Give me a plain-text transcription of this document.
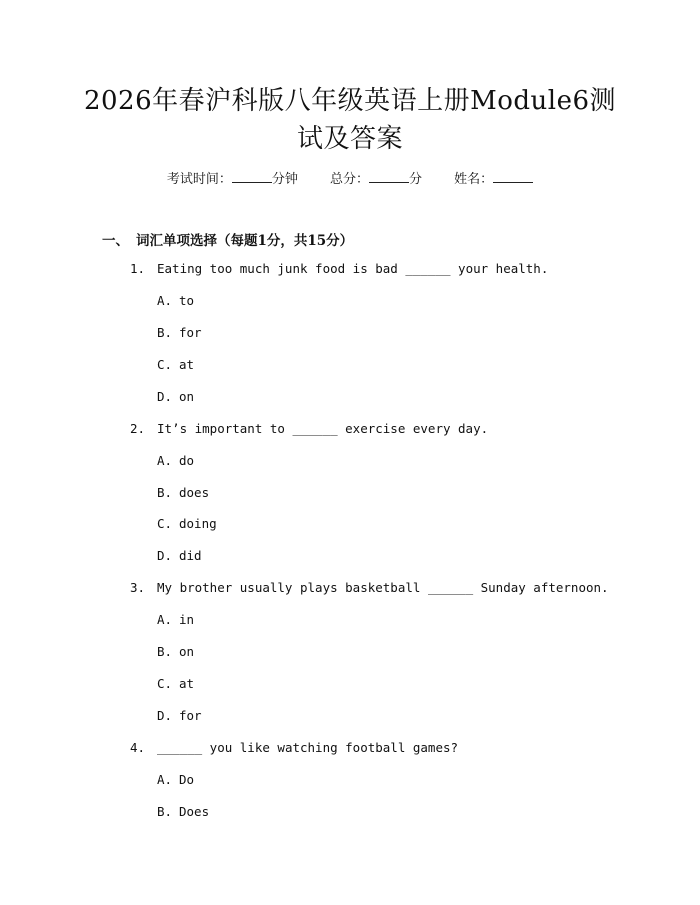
2026年春沪科版八年级英语上册Module6测
试及答案
考试时间：	分钟 总分：	分 姓名：
一、 词汇单项选择（每题1分，共15分）
1. Eating too much junk food is bad ______ your health.
A. to
B. for
C. at
D. on
2. It’s important to ______ exercise every day.
A. do
B. does
C. doing
D. did
3. My brother usually plays basketball ______ Sunday afternoon.
A. in
B. on
C. at
D. for
4. ______ you like watching football games?
A. Do
B. Does
